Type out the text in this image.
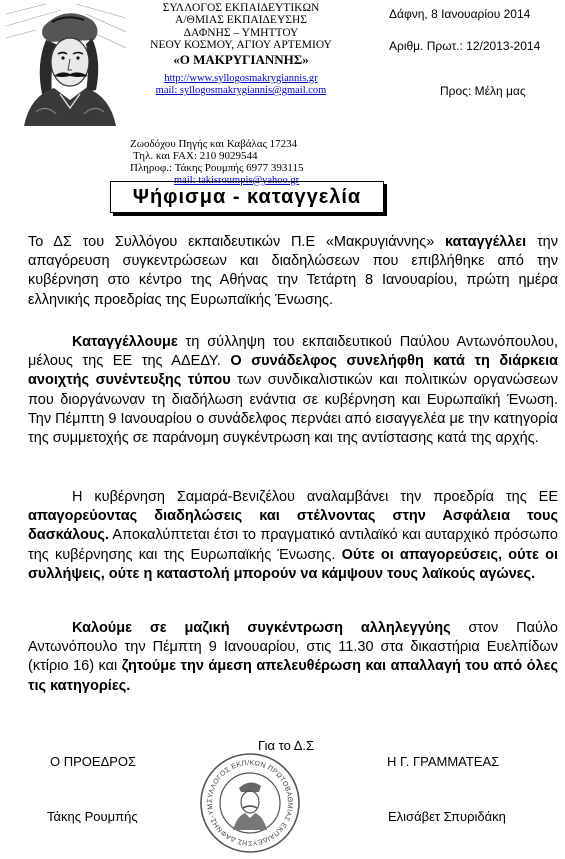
ΣΥΛΛΟΓΟΣ ΕΚΠΑΙΔΕΥΤΙΚΩΝ
Α/ΘΜΙΑΣ ΕΚΠΑΙΔΕΥΣΗΣ
ΔΑΦΝΗΣ – ΥΜΗΤΤΟΥ
ΝΕΟΥ ΚΟΣΜΟΥ, ΑΓΙΟΥ ΑΡΤΕΜΙΟΥ
«Ο ΜΑΚΡΥΓΙΑΝΝΗΣ»
http://www.syllogosmakrygiannis.gr
mail: syllogosmakrygiannis@gmail.com
Ζωοδόχου Πηγής και Καβάλας 17234
Τηλ. και FAX: 210 9029544
Πληροφ.: Τάκης Ρουμπής 6977 393115
mail: takisroumpis@yahoo.gr
Δάφνη, 8 Ιανουαρίου 2014
Αριθμ. Πρωτ.: 12/2013-2014
Προς: Μέλη μας
Ψήφισμα - καταγγελία
Το ΔΣ του Συλλόγου εκπαιδευτικών Π.Ε «Μακρυγιάννης» καταγγέλλει την απαγόρευση συγκεντρώσεων και διαδηλώσεων που επιβλήθηκε από την κυβέρνηση στο κέντρο της Αθήνας την Τετάρτη 8 Ιανουαρίου, πρώτη ημέρα ελληνικής προεδρίας της Ευρωπαϊκής Ένωσης.
Καταγγέλλουμε τη σύλληψη του εκπαιδευτικού Παύλου Αντωνόπουλου, μέλους της ΕΕ της ΑΔΕΔΥ. Ο συνάδελφος συνελήφθη κατά τη διάρκεια ανοιχτής συνέντευξης τύπου των συνδικαλιστικών και πολιτικών οργανώσεων που διοργάνωναν τη διαδήλωση ενάντια σε κυβέρνηση και Ευρωπαϊκή Ένωση. Την Πέμπτη 9 Ιανουαρίου ο συνάδελφος περνάει από εισαγγελέα με την κατηγορία της συμμετοχής σε παράνομη συγκέντρωση και της αντίστασης κατά της αρχής.
Η κυβέρνηση Σαμαρά-Βενιζέλου αναλαμβάνει την προεδρία της ΕΕ απαγορεύοντας διαδηλώσεις και στέλνοντας στην Ασφάλεια τους δασκάλους. Αποκαλύπτεται έτσι το πραγματικό αντιλαϊκό και αυταρχικό πρόσωπο της κυβέρνησης και της Ευρωπαϊκής Ένωσης. Ούτε οι απαγορεύσεις, ούτε οι συλλήψεις, ούτε η καταστολή μπορούν να κάμψουν τους λαϊκούς αγώνες.
Καλούμε σε μαζική συγκέντρωση αλληλεγγύης στον Παύλο Αντωνόπουλο την Πέμπτη 9 Ιανουαρίου, στις 11.30 στα δικαστήρια Ευελπίδων (κτίριο 16) και ζητούμε την άμεση απελευθέρωση και απαλλαγή του από όλες τις κατηγορίες.
Για το Δ.Σ
Ο ΠΡΟΕΔΡΟΣ	Η Γ. ΓΡΑΜΜΑΤΕΑΣ
Τάκης Ρουμπής	Ελισάβετ Σπυριδάκη
ΣΥΛΛΟΓΟΣ ΕΚΠ/ΚΩΝ ΠΡΩΤΟΒΑΘΜΙΑΣ ΕΚΠΑΙΔΕΥΣΗΣ ΔΑΦΝΗΣ-ΥΜ
